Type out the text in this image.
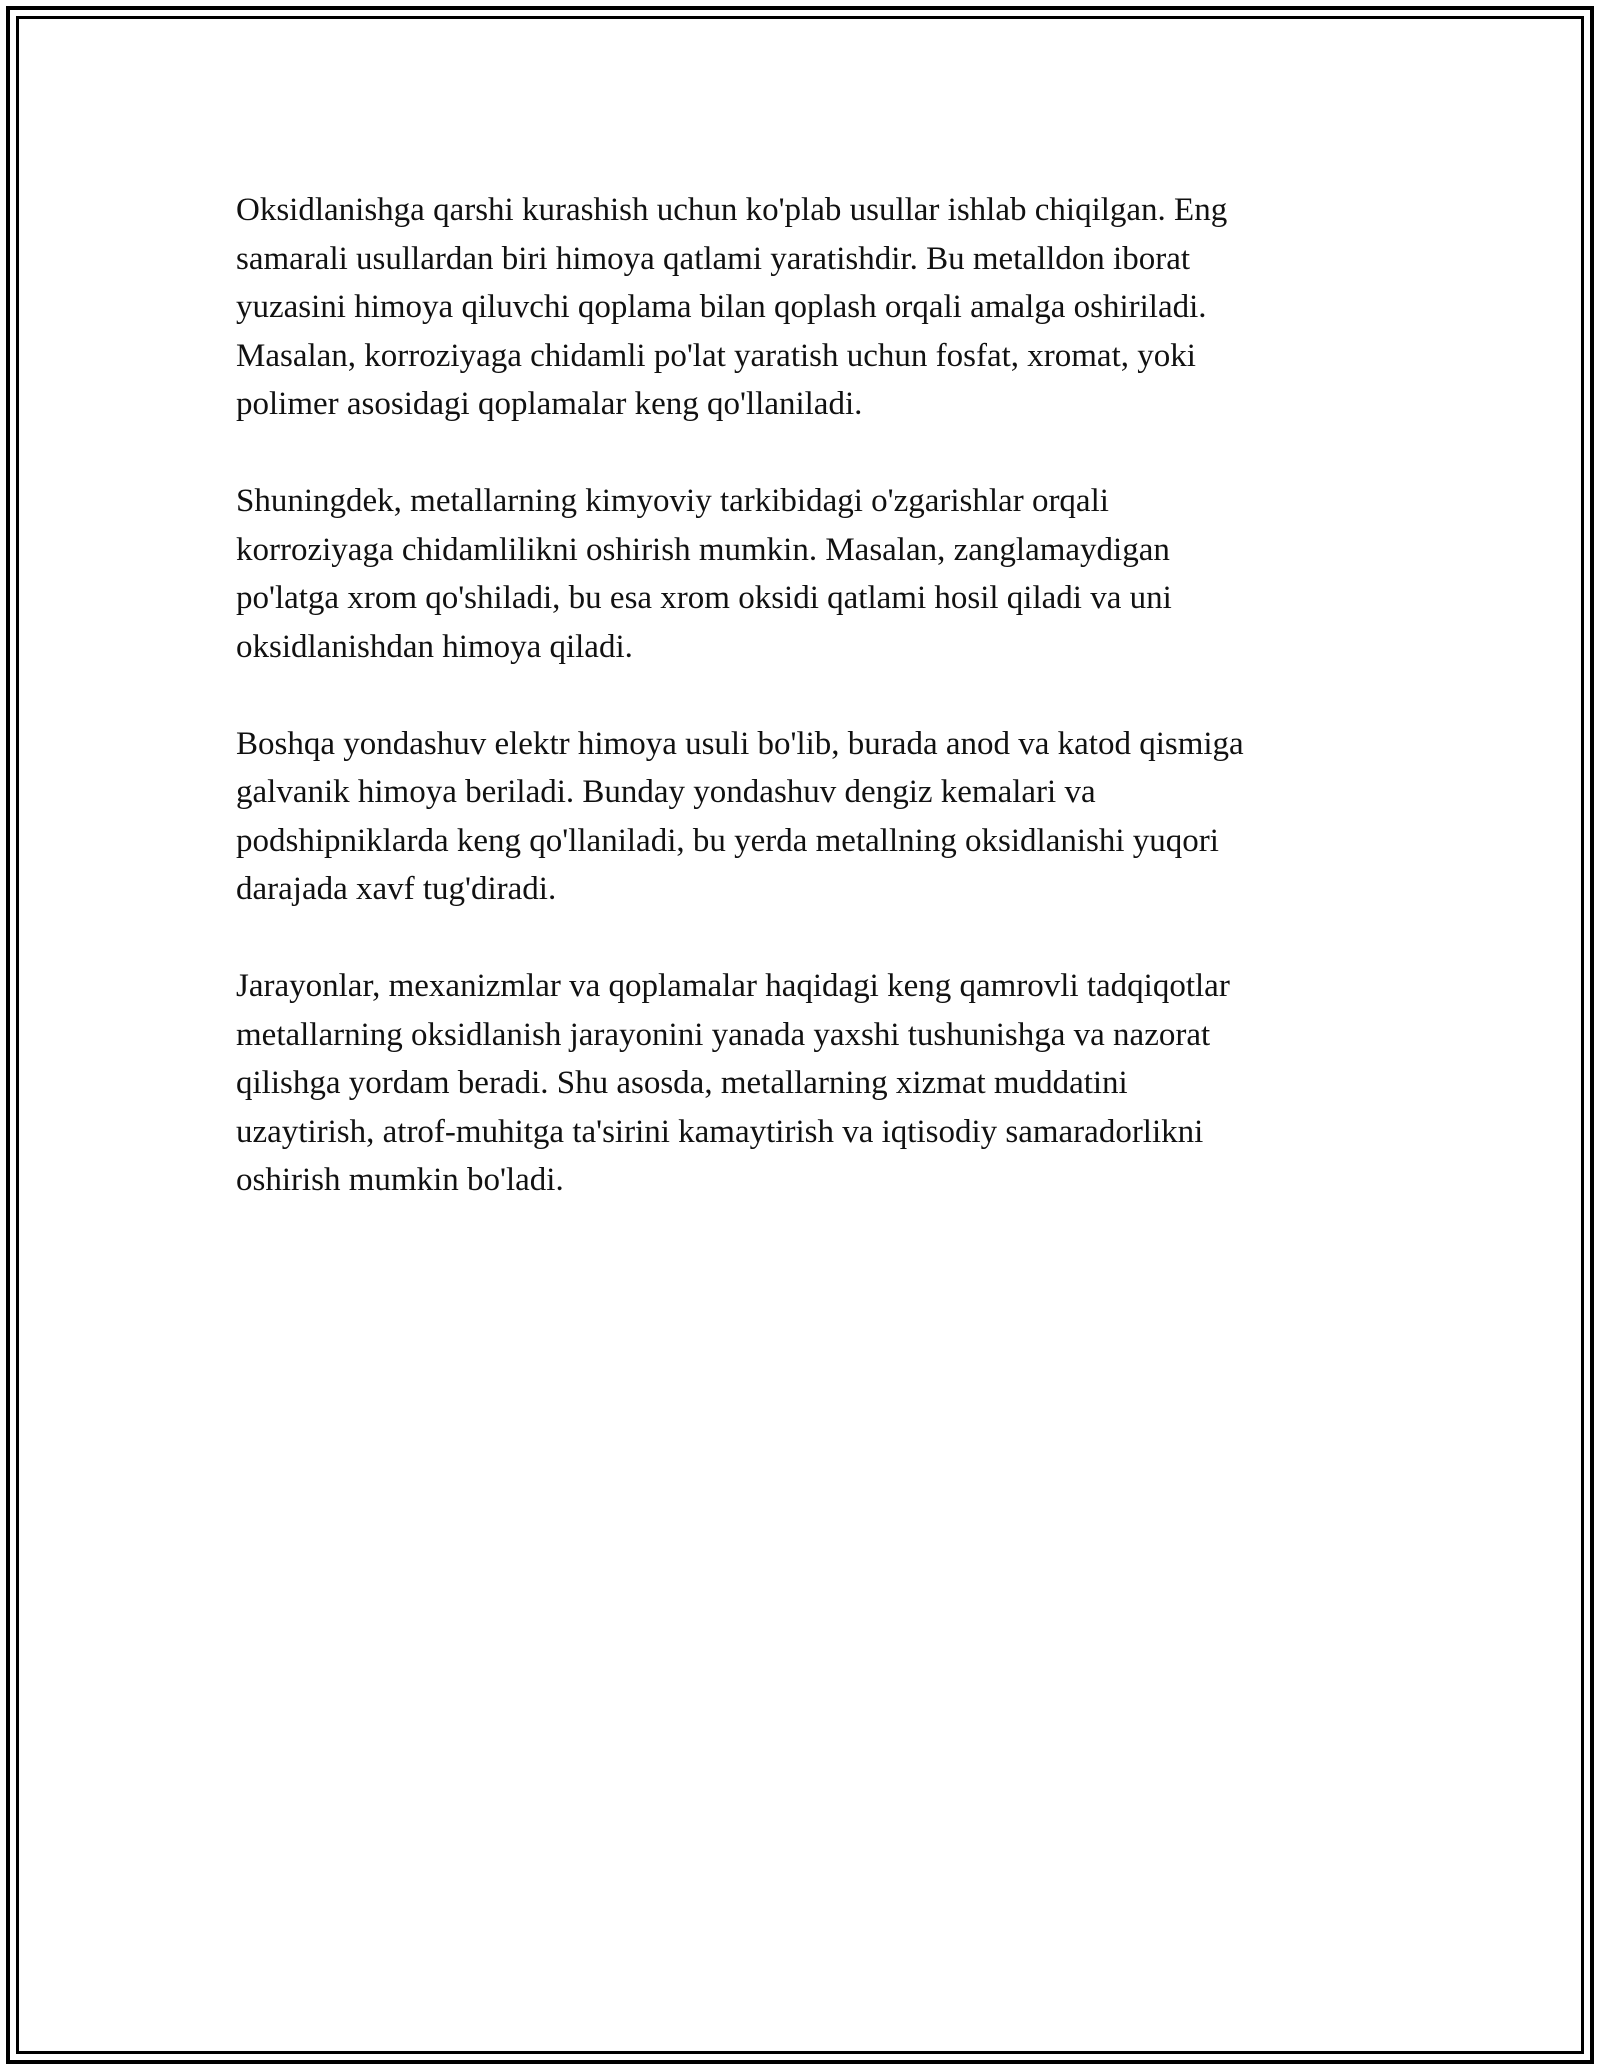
Oksidlanishga qarshi kurashish uchun ko'plab usullar ishlab chiqilgan. Eng
samarali usullardan biri himoya qatlami yaratishdir. Bu metalldon iborat
yuzasini himoya qiluvchi qoplama bilan qoplash orqali amalga oshiriladi.
Masalan, korroziyaga chidamli po'lat yaratish uchun fosfat, xromat, yoki
polimer asosidagi qoplamalar keng qo'llaniladi.

Shuningdek, metallarning kimyoviy tarkibidagi o'zgarishlar orqali
korroziyaga chidamlilikni oshirish mumkin. Masalan, zanglamaydigan
po'latga xrom qo'shiladi, bu esa xrom oksidi qatlami hosil qiladi va uni
oksidlanishdan himoya qiladi.

Boshqa yondashuv elektr himoya usuli bo'lib, burada anod va katod qismiga
galvanik himoya beriladi. Bunday yondashuv dengiz kemalari va
podshipniklarda keng qo'llaniladi, bu yerda metallning oksidlanishi yuqori
darajada xavf tug'diradi.

Jarayonlar, mexanizmlar va qoplamalar haqidagi keng qamrovli tadqiqotlar
metallarning oksidlanish jarayonini yanada yaxshi tushunishga va nazorat
qilishga yordam beradi. Shu asosda, metallarning xizmat muddatini
uzaytirish, atrof-muhitga ta'sirini kamaytirish va iqtisodiy samaradorlikni
oshirish mumkin bo'ladi.
